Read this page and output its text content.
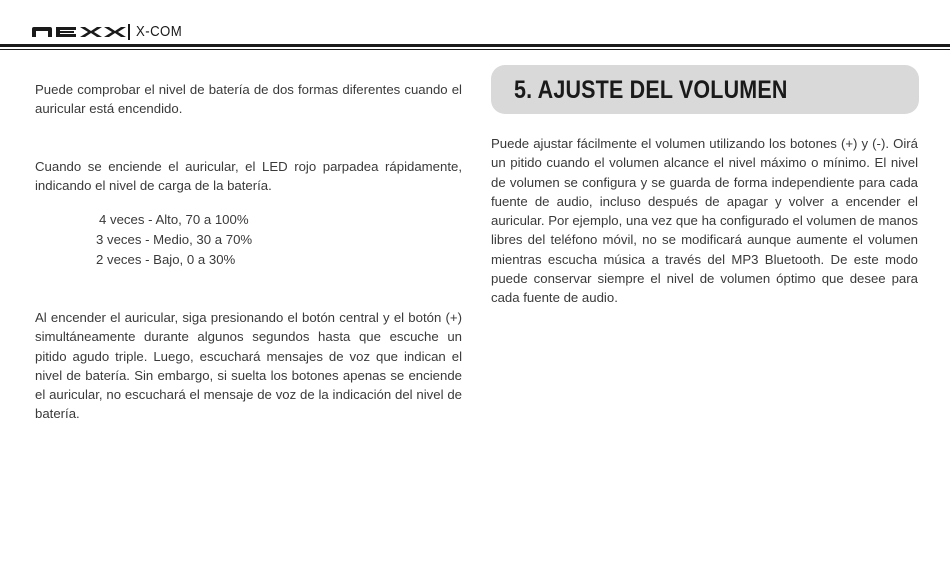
X-COM

Puede comprobar el nivel de batería de dos formas diferentes cuando el auricular está encendido.

Cuando se enciende el auricular, el LED rojo parpadea rápidamente, indicando el nivel de carga de la batería.

4 veces - Alto, 70 a 100%
3 veces - Medio, 30 a 70%
2 veces - Bajo, 0 a 30%

Al encender el auricular, siga presionando el botón central y el botón (+) simultáneamente durante algunos segundos hasta que escuche un pitido agudo triple. Luego, escuchará mensajes de voz que indican el nivel de batería. Sin embargo, si suelta los botones apenas se enciende el auricular, no escuchará el mensaje de voz de la indicación del nivel de batería.

5. AJUSTE DEL VOLUMEN

Puede ajustar fácilmente el volumen utilizando los botones (+) y (-). Oirá un pitido cuando el volumen alcance el nivel máximo o mínimo. El nivel de volumen se configura y se guarda de forma independiente para cada fuente de audio, incluso después de apagar y volver a encender el auricular. Por ejemplo, una vez que ha configurado el volumen de manos libres del teléfono móvil, no se modificará aunque aumente el volumen mientras escucha música a través del MP3 Bluetooth. De este modo puede conservar siempre el nivel de volumen óptimo que desee para cada fuente de audio.
